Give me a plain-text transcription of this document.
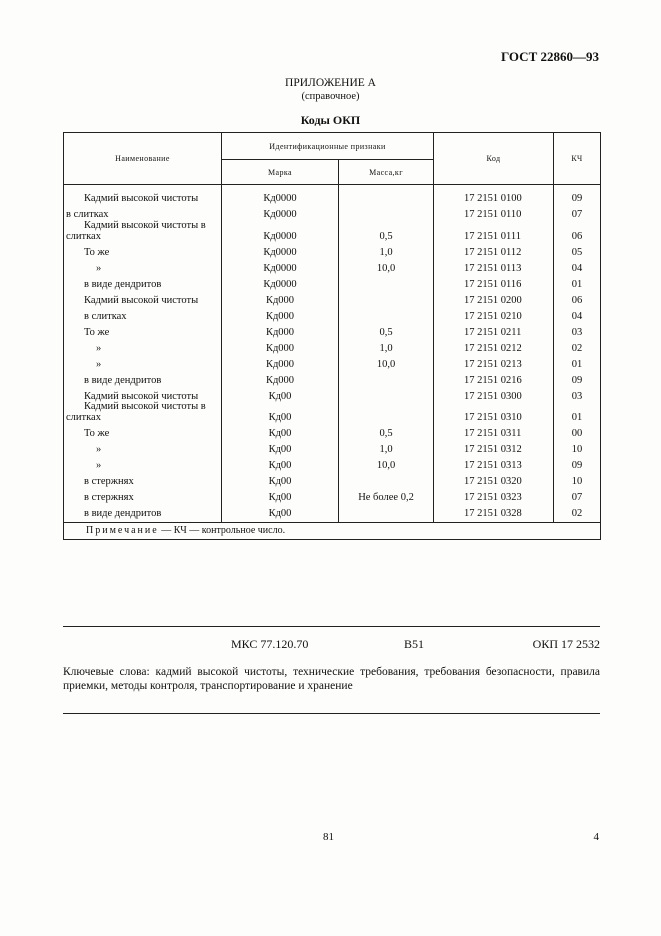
ГОСТ 22860—93
ПРИЛОЖЕНИЕ А
(справочное)
Коды ОКП
Наименование	Идентификационные признаки		Код	КЧ
	Марка	Масса,кг		

Кадмий высокой чистоты	Кд0000		17 2151 0100	09

в слитках	Кд0000		17 2151 0110	07

Кадмий высокой чистоты в
слитках	Кд0000	0,5	17 2151 0111	06

То же	Кд0000	1,0	17 2151 0112	05

»	Кд0000	10,0	17 2151 0113	04

в виде дендритов	Кд0000		17 2151 0116	01

Кадмий высокой чистоты	Кд000		17 2151 0200	06

в слитках	Кд000		17 2151 0210	04

То же	Кд000	0,5	17 2151 0211	03

»	Кд000	1,0	17 2151 0212	02

»	Кд000	10,0	17 2151 0213	01

в виде дендритов	Кд000		17 2151 0216	09

Кадмий высокой чистоты	Кд00		17 2151 0300	03

Кадмий высокой чистоты в
слитках	Кд00		17 2151 0310	01

То же	Кд00	0,5	17 2151 0311	00

»	Кд00	1,0	17 2151 0312	10

»	Кд00	10,0	17 2151 0313	09

в стержнях	Кд00		17 2151 0320	10

в стержнях	Кд00	Не более 0,2	17 2151 0323	07

в виде дендритов	Кд00		17 2151 0328	02
Примечание — КЧ — контрольное число.				
МКС 77.120.70	B51	ОКП 17 2532
Ключевые слова: кадмий высокой чистоты, технические требования, требования безопасности, правила приемки, методы контроля, транспортирование и хранение
81	4
